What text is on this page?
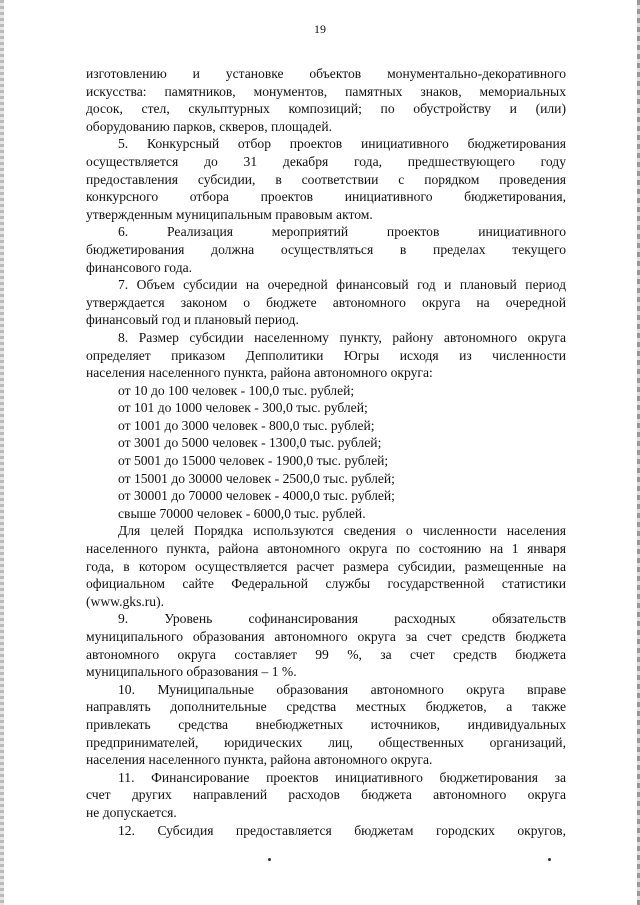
19
изготовлению и установке объектов монументально-декоративного
искусства: памятников, монументов, памятных знаков, мемориальных
досок, стел, скульптурных композиций; по обустройству и (или)
оборудованию парков, скверов, площадей.
5. Конкурсный отбор проектов инициативного бюджетирования
осуществляется до 31 декабря года, предшествующего году
предоставления субсидии, в соответствии с порядком проведения
конкурсного отбора проектов инициативного бюджетирования,
утвержденным муниципальным правовым актом.
6. Реализация мероприятий проектов инициативного
бюджетирования должна осуществляться в пределах текущего
финансового года.
7. Объем субсидии на очередной финансовый год и плановый период
утверждается законом о бюджете автономного округа на очередной
финансовый год и плановый период.
8. Размер субсидии населенному пункту, району автономного округа
определяет приказом Депполитики Югры исходя из численности
населения населенного пункта, района автономного округа:
от 10 до 100 человек - 100,0 тыс. рублей;
от 101 до 1000 человек - 300,0 тыс. рублей;
от 1001 до 3000 человек - 800,0 тыс. рублей;
от 3001 до 5000 человек - 1300,0 тыс. рублей;
от 5001 до 15000 человек - 1900,0 тыс. рублей;
от 15001 до 30000 человек - 2500,0 тыс. рублей;
от 30001 до 70000 человек - 4000,0 тыс. рублей;
свыше 70000 человек - 6000,0 тыс. рублей.
Для целей Порядка используются сведения о численности населения
населенного пункта, района автономного округа по состоянию на 1 января
года, в котором осуществляется расчет размера субсидии, размещенные на
официальном сайте Федеральной службы государственной статистики
(www.gks.ru).
9. Уровень софинансирования расходных обязательств
муниципального образования автономного округа за счет средств бюджета
автономного округа составляет 99 %, за счет средств бюджета
муниципального образования – 1 %.
10. Муниципальные образования автономного округа вправе
направлять дополнительные средства местных бюджетов, а также
привлекать средства внебюджетных источников, индивидуальных
предпринимателей, юридических лиц, общественных организаций,
населения населенного пункта, района автономного округа.
11. Финансирование проектов инициативного бюджетирования за
счет других направлений расходов бюджета автономного округа
не допускается.
12. Субсидия предоставляется бюджетам городских округов,
